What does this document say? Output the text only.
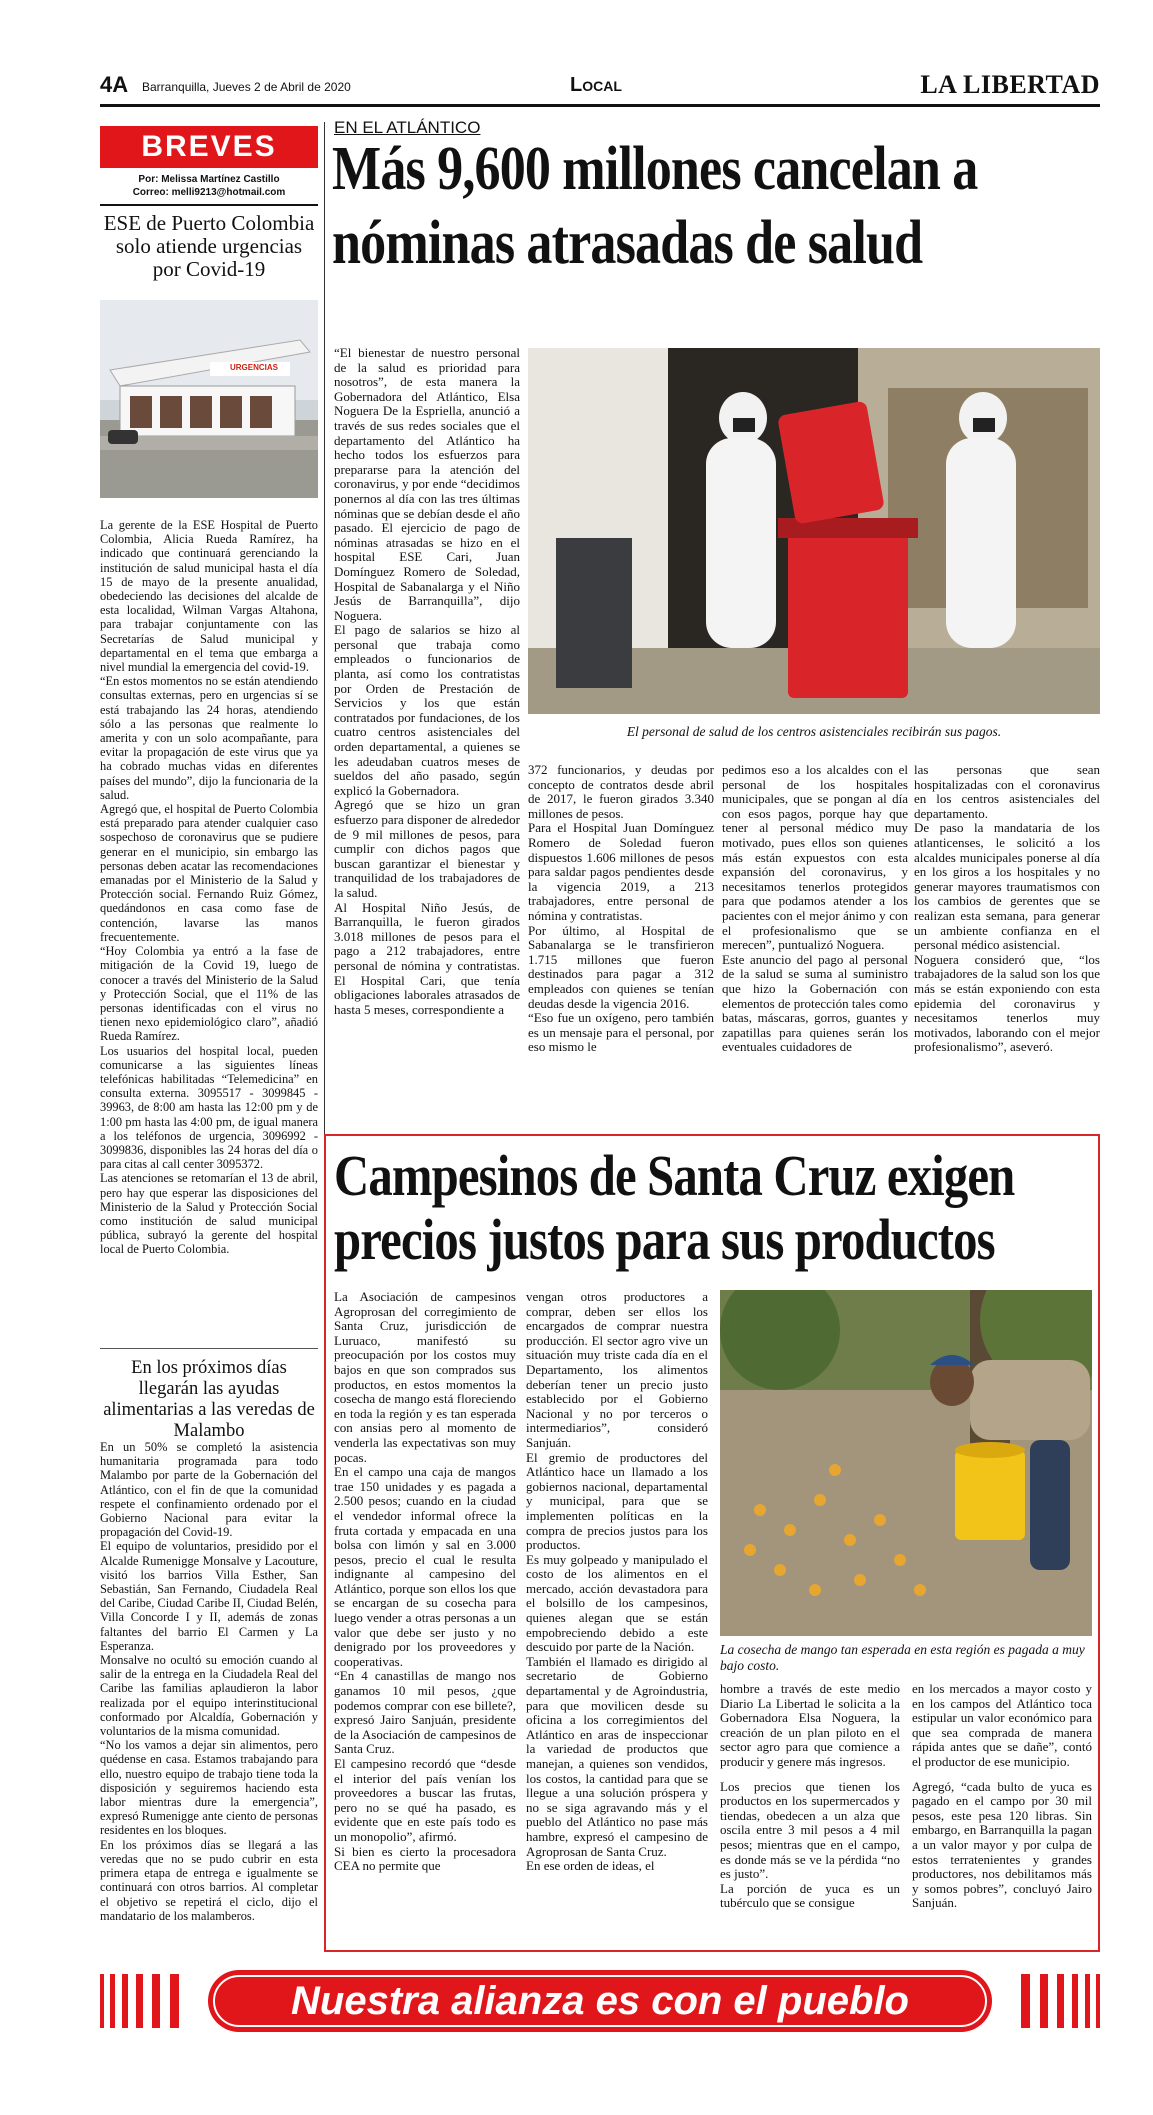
4A Barranquilla, Jueves 2 de Abril de 2020	Local	LA LIBERTAD
BREVES
Por: Melissa Martínez Castillo
Correo: melli9213@hotmail.com
ESE de Puerto Colombia solo atiende urgencias por Covid-19
URGENCIAS

La gerente de la ESE Hospital de Puerto Colombia, Alicia Rueda Ramírez, ha indicado que continuará gerenciando la institución de salud municipal hasta el día 15 de mayo de la presente anualidad, obedeciendo las decisiones del alcalde de esta localidad, Wilman Vargas Altahona, para trabajar conjuntamente con las Secretarías de Salud municipal y departamental en el tema que embarga a nivel mundial la emergencia del covid-19.

“En estos momentos no se están atendiendo consultas externas, pero en urgencias sí se está trabajando las 24 horas, atendiendo sólo a las personas que realmente lo amerita y con un solo acompañante, para evitar la propagación de este virus que ya ha cobrado muchas vidas en diferentes países del mundo”, dijo la funcionaria de la salud.

Agregó que, el hospital de Puerto Colombia está preparado para atender cualquier caso sospechoso de coronavirus que se pudiere generar en el municipio, sin embargo las personas deben acatar las recomendaciones emanadas por el Ministerio de la Salud y Protección social. Fernando Ruiz Gómez, quedándonos en casa como fase de contención, lavarse las manos frecuentemente.

“Hoy Colombia ya entró a la fase de mitigación de la Covid 19, luego de conocer a través del Ministerio de la Salud y Protección Social, que el 11% de las personas identificadas con el virus no tienen nexo epidemiológico claro”, añadió Rueda Ramírez.

Los usuarios del hospital local, pueden comunicarse a las siguientes líneas telefónicas habilitadas “Telemedicina” en consulta externa. 3095517 - 3099845 - 39963, de 8:00 am hasta las 12:00 pm y de 1:00 pm hasta las 4:00 pm, de igual manera a los teléfonos de urgencia, 3096992 - 3099836, disponibles las 24 horas del día o para citas al call center 3095372.

Las atenciones se retomarían el 13 de abril, pero hay que esperar las disposiciones del Ministerio de la Salud y Protección Social como institución de salud municipal pública, subrayó la gerente del hospital local de Puerto Colombia.

En los próximos días llegarán las ayudas alimentarias a las veredas de Malambo

En un 50% se completó la asistencia humanitaria programada para todo Malambo por parte de la Gobernación del Atlántico, con el fin de que la comunidad respete el confinamiento ordenado por el Gobierno Nacional para evitar la propagación del Covid-19.

El equipo de voluntarios, presidido por el Alcalde Rumenigge Monsalve y Lacouture, visitó los barrios Villa Esther, San Sebastián, San Fernando, Ciudadela Real del Caribe, Ciudad Caribe II, Ciudad Belén, Villa Concorde I y II, además de zonas faltantes del barrio El Carmen y La Esperanza.

Monsalve no ocultó su emoción cuando al salir de la entrega en la Ciudadela Real del Caribe las familias aplaudieron la labor realizada por el equipo interinstitucional conformado por Alcaldía, Gobernación y voluntarios de la misma comunidad.

“No los vamos a dejar sin alimentos, pero quédense en casa. Estamos trabajando para ello, nuestro equipo de trabajo tiene toda la disposición y seguiremos haciendo esta labor mientras dure la emergencia”, expresó Rumenigge ante ciento de personas residentes en los bloques.

En los próximos días se llegará a las veredas que no se pudo cubrir en esta primera etapa de entrega e igualmente se continuará con otros barrios. Al completar el objetivo se repetirá el ciclo, dijo el mandatario de los malamberos.

EN EL ATLÁNTICO
Más 9,600 millones cancelan a
nóminas atrasadas de salud

“El bienestar de nuestro personal de la salud es prioridad para nosotros”, de esta manera la Gobernadora del Atlántico, Elsa Noguera De la Espriella, anunció a través de sus redes sociales que el departamento del Atlántico ha hecho todos los esfuerzos para prepararse para la atención del coronavirus, y por ende “decidimos ponernos al día con las tres últimas nóminas que se debían desde el año pasado. El ejercicio de pago de nóminas atrasadas se hizo en el hospital ESE Cari, Juan Domínguez Romero de Soledad, Hospital de Sabanalarga y el Niño Jesús de Barranquilla”, dijo Noguera.

El pago de salarios se hizo al personal que trabaja como empleados o funcionarios de planta, así como los contratistas por Orden de Prestación de Servicios y los que están contratados por fundaciones, de los cuatro centros asistenciales del orden departamental, a quienes se les adeudaban cuatros meses de sueldos del año pasado, según explicó la Gobernadora.

Agregó que se hizo un gran esfuerzo para disponer de alrededor de 9 mil millones de pesos, para cumplir con dichos pagos que buscan garantizar el bienestar y tranquilidad de los trabajadores de la salud.

Al Hospital Niño Jesús, de Barranquilla, le fueron girados 3.018 millones de pesos para el pago a 212 trabajadores, entre personal de nómina y contratistas. El Hospital Cari, que tenía obligaciones laborales atrasados de hasta 5 meses, correspondiente a

El personal de salud de los centros asistenciales recibirán sus pagos.

372 funcionarios, y deudas por concepto de contratos desde abril de 2017, le fueron girados 3.340 millones de pesos.

Para el Hospital Juan Domínguez Romero de Soledad fueron dispuestos 1.606 millones de pesos para saldar pagos pendientes desde la vigencia 2019, a 213 trabajadores, entre personal de nómina y contratistas.

Por último, al Hospital de Sabanalarga se le transfirieron 1.715 millones que fueron destinados para pagar a 312 empleados con quienes se tenían deudas desde la vigencia 2016.

“Eso fue un oxígeno, pero también es un mensaje para el personal, por eso mismo le

pedimos eso a los alcaldes con el personal de los hospitales municipales, que se pongan al día con esos pagos, porque hay que tener al personal médico muy motivado, pues ellos son quienes más están expuestos con esta expansión del coronavirus, y necesitamos tenerlos protegidos para que podamos atender a los pacientes con el mejor ánimo y con el profesionalismo que se merecen”, puntualizó Noguera.

Este anuncio del pago al personal de la salud se suma al suministro que hizo la Gobernación con elementos de protección tales como batas, máscaras, gorros, guantes y zapatillas para quienes serán los eventuales cuidadores de

las personas que sean hospitalizadas con el coronavirus en los centros asistenciales del departamento.

De paso la mandataria de los atlanticenses, le solicitó a los alcaldes municipales ponerse al día en los giros a los hospitales y no generar mayores traumatismos con los cambios de gerentes que se realizan esta semana, para generar un ambiente confianza en el personal médico asistencial.

Noguera consideró que, “los trabajadores de la salud son los que más se están exponiendo con esta epidemia del coronavirus y necesitamos tenerlos muy motivados, laborando con el mejor profesionalismo”, aseveró.

Campesinos de Santa Cruz exigen
precios justos para sus productos

La Asociación de campesinos Agroprosan del corregimiento de Santa Cruz, jurisdicción de Luruaco, manifestó su preocupación por los costos muy bajos en que son comprados sus productos, en estos momentos la cosecha de mango está floreciendo en toda la región y es tan esperada con ansias pero al momento de venderla las expectativas son muy pocas.

En el campo una caja de mangos trae 150 unidades y es pagada a 2.500 pesos; cuando en la ciudad el vendedor informal ofrece la fruta cortada y empacada en una bolsa con limón y sal en 3.000 pesos, precio el cual le resulta indignante al campesino del Atlántico, porque son ellos los que se encargan de su cosecha para luego vender a otras personas a un valor que debe ser justo y no denigrado por los proveedores y cooperativas.

“En 4 canastillas de mango nos ganamos 10 mil pesos, ¿que podemos comprar con ese billete?, expresó Jairo Sanjuán, presidente de la Asociación de campesinos de Santa Cruz.

El campesino recordó que “desde el interior del país venían los proveedores a buscar las frutas, pero no se qué ha pasado, es evidente que en este país todo es un monopolio”, afirmó.

Si bien es cierto la procesadora CEA no permite que

vengan otros productores a comprar, deben ser ellos los encargados de comprar nuestra producción. El sector agro vive un situación muy triste cada día en el Departamento, los alimentos deberían tener un precio justo establecido por el Gobierno Nacional y no por terceros o intermediarios”, consideró Sanjuán.

El gremio de productores del Atlántico hace un llamado a los gobiernos nacional, departamental y municipal, para que se implementen políticas en la compra de precios justos para los productos.

Es muy golpeado y manipulado el costo de los alimentos en el mercado, acción devastadora para el bolsillo de los campesinos, quienes alegan que se están empobreciendo debido a este descuido por parte de la Nación.

También el llamado es dirigido al secretario de Gobierno departamental y de Agroindustria, para que movilicen desde su oficina a los corregimientos del Atlántico en aras de inspeccionar la variedad de productos que manejan, a quienes son vendidos, los costos, la cantidad para que se llegue a una solución próspera y no se siga agravando más y el pueblo del Atlántico no pase más hambre, expresó el campesino de Agroprosan de Santa Cruz.

En ese orden de ideas, el

La cosecha de mango tan esperada en esta región es pagada a muy bajo costo.

hombre a través de este medio Diario La Libertad le solicita a la Gobernadora Elsa Noguera, la creación de un plan piloto en el sector agro para que comience a producir y genere más ingresos.

Los precios que tienen los productos en los supermercados y tiendas, obedecen a un alza que oscila entre 3 mil pesos a 4 mil pesos; mientras que en el campo, es donde más se ve la pérdida “no es justo”.

La porción de yuca es un tubérculo que se consigue

en los mercados a mayor costo y en los campos del Atlántico toca estipular un valor económico para que sea comprada de manera rápida antes que se dañe”, contó el productor de ese municipio.

Agregó, “cada bulto de yuca es pagado en el campo por 30 mil pesos, este pesa 120 libras. Sin embargo, en Barranquilla la pagan a un valor mayor y por culpa de estos terratenientes y grandes productores, nos debilitamos más y somos pobres”, concluyó Jairo Sanjuán.

Nuestra alianza es con el pueblo
